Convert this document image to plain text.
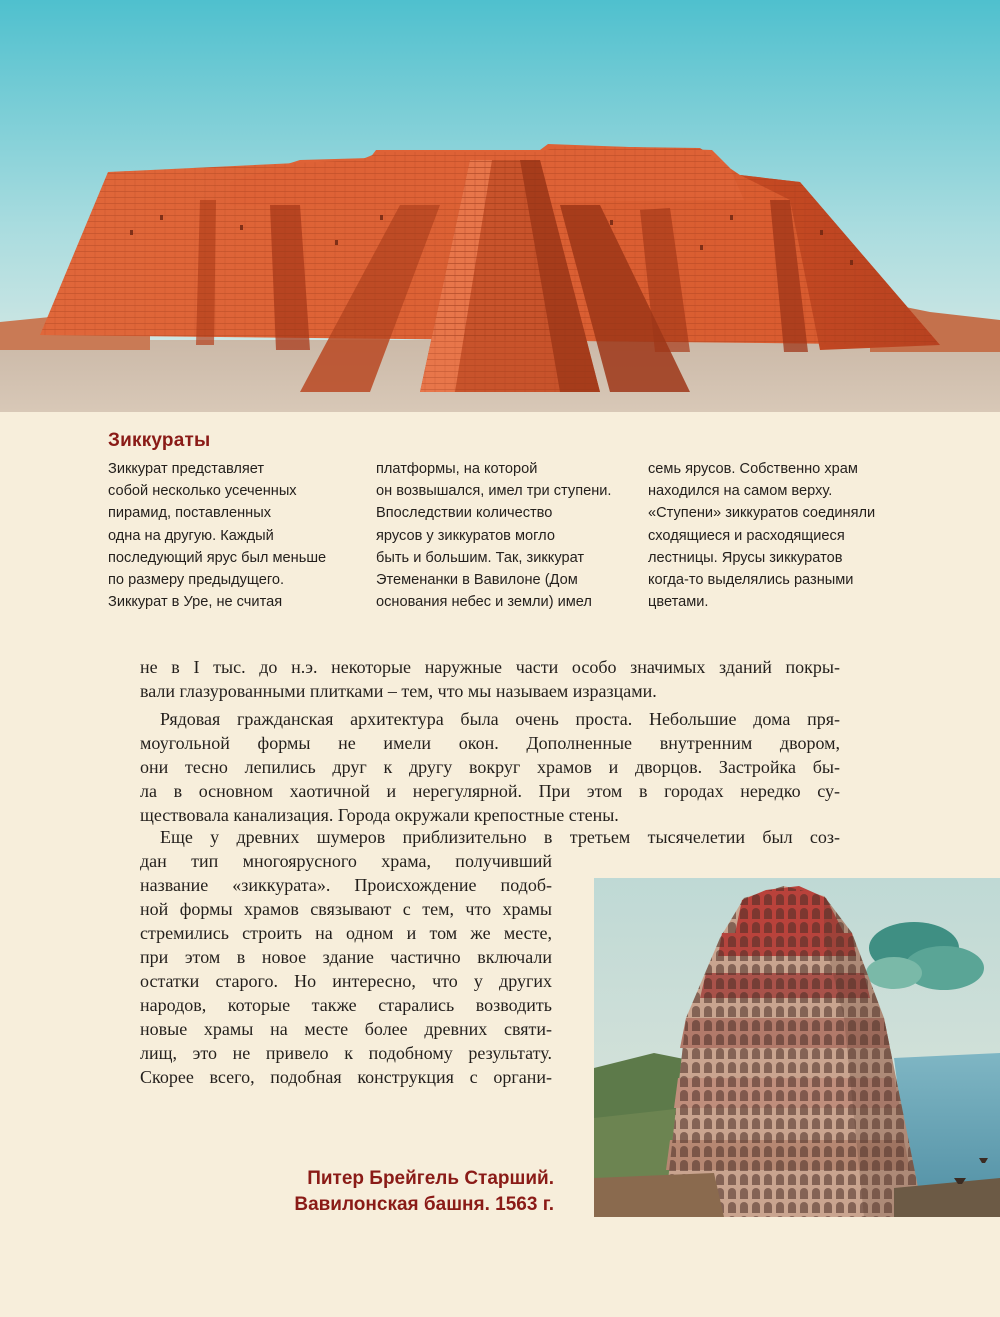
Зиккураты
Зиккурат представляет
собой несколько усеченных
пирамид, поставленных
одна на другую. Каждый
последующий ярус был меньше
по размеру предыдущего.
Зиккурат в Уре, не считая
платформы, на которой
он возвышался, имел три ступени.
Впоследствии количество
ярусов у зиккуратов могло
быть и большим. Так, зиккурат
Этеменанки в Вавилоне (Дом
основания небес и земли) имел
семь ярусов. Собственно храм
находился на самом верху.
«Ступени» зиккуратов соединяли
сходящиеся и расходящиеся
лестницы. Ярусы зиккуратов
когда-то выделялись разными
цветами.
не в I тыс. до н.э. некоторые наружные части особо значимых зданий покры-
вали глазурованными плитками – тем, что мы называем изразцами.
Рядовая гражданская архитектура была очень проста. Небольшие дома пря-
моугольной формы не имели окон. Дополненные внутренним двором,
они тесно лепились друг к другу вокруг храмов и дворцов. Застройка бы-
ла в основном хаотичной и нерегулярной. При этом в городах нередко су-
ществовала канализация. Города окружали крепостные стены.
Еще у древних шумеров приблизительно в третьем тысячелетии был соз-
дан тип многоярусного храма, получивший
название «зиккурата». Происхождение подоб-
ной формы храмов связывают с тем, что храмы
стремились строить на одном и том же месте,
при этом в новое здание частично включали
остатки старого. Но интересно, что у других
народов, которые также старались возводить
новые храмы на месте более древних святи-
лищ, это не привело к подобному результату.
Скорее всего, подобная конструкция с органи-
Питер Брейгель Старший.
Вавилонская башня. 1563 г.
